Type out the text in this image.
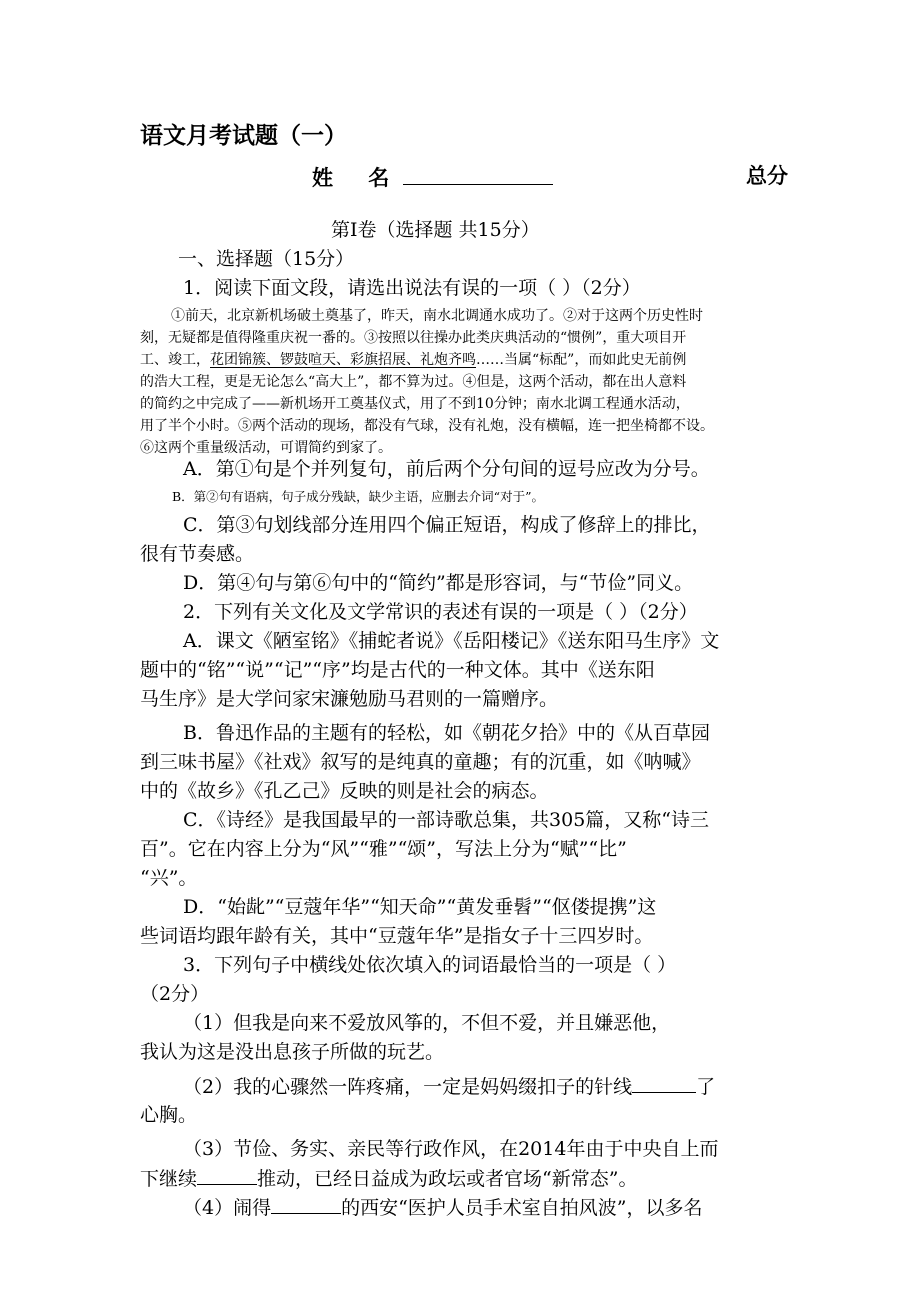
语文月考试题（一）
姓 名	总分
第Ⅰ卷（选择题 共15分）
一、选择题（15分）
1．阅读下面文段，请选出说法有误的一项（ ）（2分）
①前天，北京新机场破土奠基了，昨天，南水北调通水成功了。②对于这两个历史性时
刻，无疑都是值得隆重庆祝一番的。③按照以往操办此类庆典活动的“惯例”，重大项目开
工、竣工，花团锦簇、锣鼓喧天、彩旗招展、礼炮齐鸣……当属“标配”，而如此史无前例
的浩大工程，更是无论怎么“高大上”，都不算为过。④但是，这两个活动，都在出人意料
的简约之中完成了——新机场开工奠基仪式，用了不到10分钟；南水北调工程通水活动，
用了半个小时。⑤两个活动的现场，都没有气球，没有礼炮，没有横幅，连一把坐椅都不设。
⑥这两个重量级活动，可谓简约到家了。
A．第①句是个并列复句，前后两个分句间的逗号应改为分号。
B．第②句有语病，句子成分残缺，缺少主语，应删去介词“对于”。
C．第③句划线部分连用四个偏正短语，构成了修辞上的排比，
很有节奏感。
D．第④句与第⑥句中的“简约”都是形容词，与“节俭”同义。
2．下列有关文化及文学常识的表述有误的一项是（ ）（2分）
A．课文《陋室铭》《捕蛇者说》《岳阳楼记》《送东阳马生序》文
题中的“铭”“说”“记”“序”均是古代的一种文体。其中《送东阳
马生序》是大学问家宋濂勉励马君则的一篇赠序。
B．鲁迅作品的主题有的轻松，如《朝花夕拾》中的《从百草园
到三味书屋》《社戏》叙写的是纯真的童趣；有的沉重，如《呐喊》
中的《故乡》《孔乙己》反映的则是社会的病态。
C．《诗经》是我国最早的一部诗歌总集，共305篇，又称“诗三
百”。它在内容上分为“风”“雅”“颂”，写法上分为“赋”“比”
“兴”。
D．“始龀”“豆蔻年华”“知天命”“黄发垂髫”“伛偻提携”这
些词语均跟年龄有关，其中“豆蔻年华”是指女子十三四岁时。
3．下列句子中横线处依次填入的词语最恰当的一项是（ ）
（2分）
（1）但我是向来不爱放风筝的，不但不爱，并且嫌恶他，
我认为这是没出息孩子所做的玩艺。
（2）我的心骤然一阵疼痛，一定是妈妈缀扣子的针线	了
心胸。
（3）节俭、务实、亲民等行政作风，在2014年由于中央自上而
下继续	推动，已经日益成为政坛或者官场“新常态”。
（4）闹得	的西安“医护人员手术室自拍风波”，以多名
